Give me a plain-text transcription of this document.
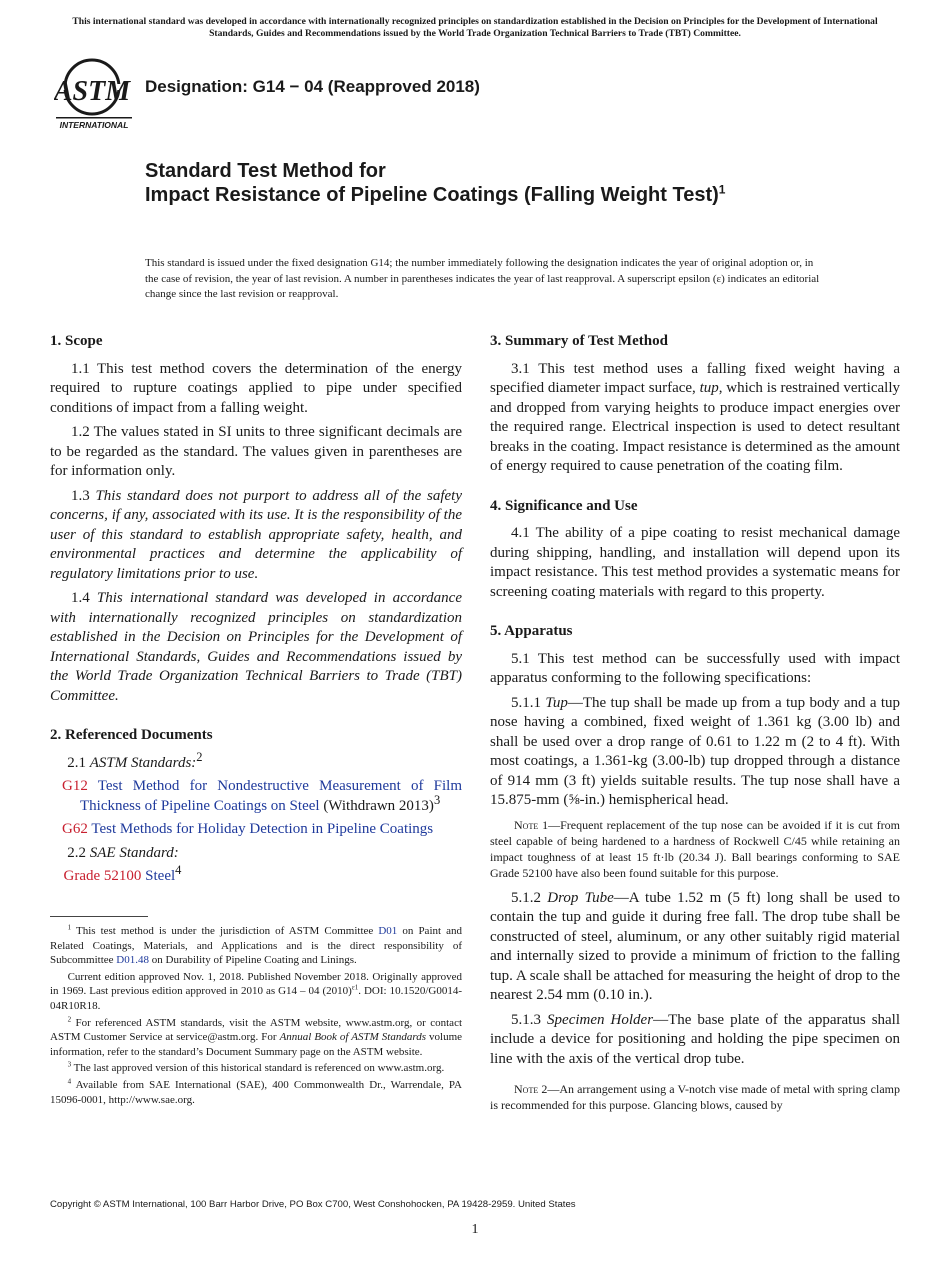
This international standard was developed in accordance with internationally recognized principles on standardization established in the Decision on Principles for the Development of International Standards, Guides and Recommendations issued by the World Trade Organization Technical Barriers to Trade (TBT) Committee.
ASTM
INTERNATIONAL
Designation: G14 − 04 (Reapproved 2018)
Standard Test Method for
Impact Resistance of Pipeline Coatings (Falling Weight Test)$^1$
This standard is issued under the fixed designation G14; the number immediately following the designation indicates the year of original adoption or, in the case of revision, the year of last revision. A number in parentheses indicates the year of last reapproval. A superscript epsilon (ε) indicates an editorial change since the last revision or reapproval.
1. Scope

1.1 This test method covers the determination of the energy required to rupture coatings applied to pipe under specified conditions of impact from a falling weight.

1.2 The values stated in SI units to three significant decimals are to be regarded as the standard. The values given in parentheses are for information only.

1.3 This standard does not purport to address all of the safety concerns, if any, associated with its use. It is the responsibility of the user of this standard to establish appropriate safety, health, and environmental practices and determine the applicability of regulatory limitations prior to use.

1.4 This international standard was developed in accordance with internationally recognized principles on standardization established in the Decision on Principles for the Development of International Standards, Guides and Recommendations issued by the World Trade Organization Technical Barriers to Trade (TBT) Committee.

2. Referenced Documents
2.1 ASTM Standards:$^2$
G12 Test Method for Nondestructive Measurement of Film Thickness of Pipeline Coatings on Steel (Withdrawn 2013)$^3$
G62 Test Methods for Holiday Detection in Pipeline Coatings
2.2 SAE Standard:
Grade 52100 Steel$^4$

$^1$ This test method is under the jurisdiction of ASTM Committee D01 on Paint and Related Coatings, Materials, and Applications and is the direct responsibility of Subcommittee D01.48 on Durability of Pipeline Coating and Linings.

Current edition approved Nov. 1, 2018. Published November 2018. Originally approved in 1969. Last previous edition approved in 2010 as G14 – 04 $(2010)^{\varepsilon 1}$. DOI: 10.1520/G0014-04R10R18.

$^2$ For referenced ASTM standards, visit the ASTM website, www.astm.org, or contact ASTM Customer Service at service@astm.org. For Annual Book of ASTM Standards volume information, refer to the standard’s Document Summary page on the ASTM website.

$^3$ The last approved version of this historical standard is referenced on www.astm.org.

$^4$ Available from SAE International (SAE), 400 Commonwealth Dr., Warrendale, PA 15096-0001, http://www.sae.org.

3. Summary of Test Method

3.1 This test method uses a falling fixed weight having a specified diameter impact surface, tup, which is restrained vertically and dropped from varying heights to produce impact energies over the required range. Electrical inspection is used to detect resultant breaks in the coating. Impact resistance is determined as the amount of energy required to cause penetration of the coating film.

4. Significance and Use

4.1 The ability of a pipe coating to resist mechanical damage during shipping, handling, and installation will depend upon its impact resistance. This test method provides a systematic means for screening coating materials with regard to this property.

5. Apparatus

5.1 This test method can be successfully used with impact apparatus conforming to the following specifications:

5.1.1 Tup—The tup shall be made up from a tup body and a tup nose having a combined, fixed weight of 1.361 kg (3.00 lb) and shall be used over a drop range of 0.61 to 1.22 m (2 to 4 ft). With most coatings, a 1.361-kg (3.00-lb) tup dropped through a distance of 914 mm (3 ft) yields suitable results. The tup nose shall have a 15.875-mm (⅝-in.) hemispherical head.

Note 1—Frequent replacement of the tup nose can be avoided if it is cut from steel capable of being hardened to a hardness of Rockwell C/45 while retaining an impact toughness of at least 15 ft·lb (20.34 J). Ball bearings conforming to SAE Grade 52100 have also been found suitable for this purpose.

5.1.2 Drop Tube—A tube 1.52 m (5 ft) long shall be used to contain the tup and guide it during free fall. The drop tube shall be constructed of steel, aluminum, or any other suitably rigid material and internally sized to provide a minimum of friction to the falling tup. A scale shall be attached for measuring the height of drop to the nearest 2.54 mm (0.10 in.).

5.1.3 Specimen Holder—The base plate of the apparatus shall include a device for positioning and holding the pipe specimen on line with the axis of the vertical drop tube.

Note 2—An arrangement using a V-notch vise made of metal with spring clamp is recommended for this purpose. Glancing blows, caused by
Copyright © ASTM International, 100 Barr Harbor Drive, PO Box C700, West Conshohocken, PA 19428-2959. United States
1
